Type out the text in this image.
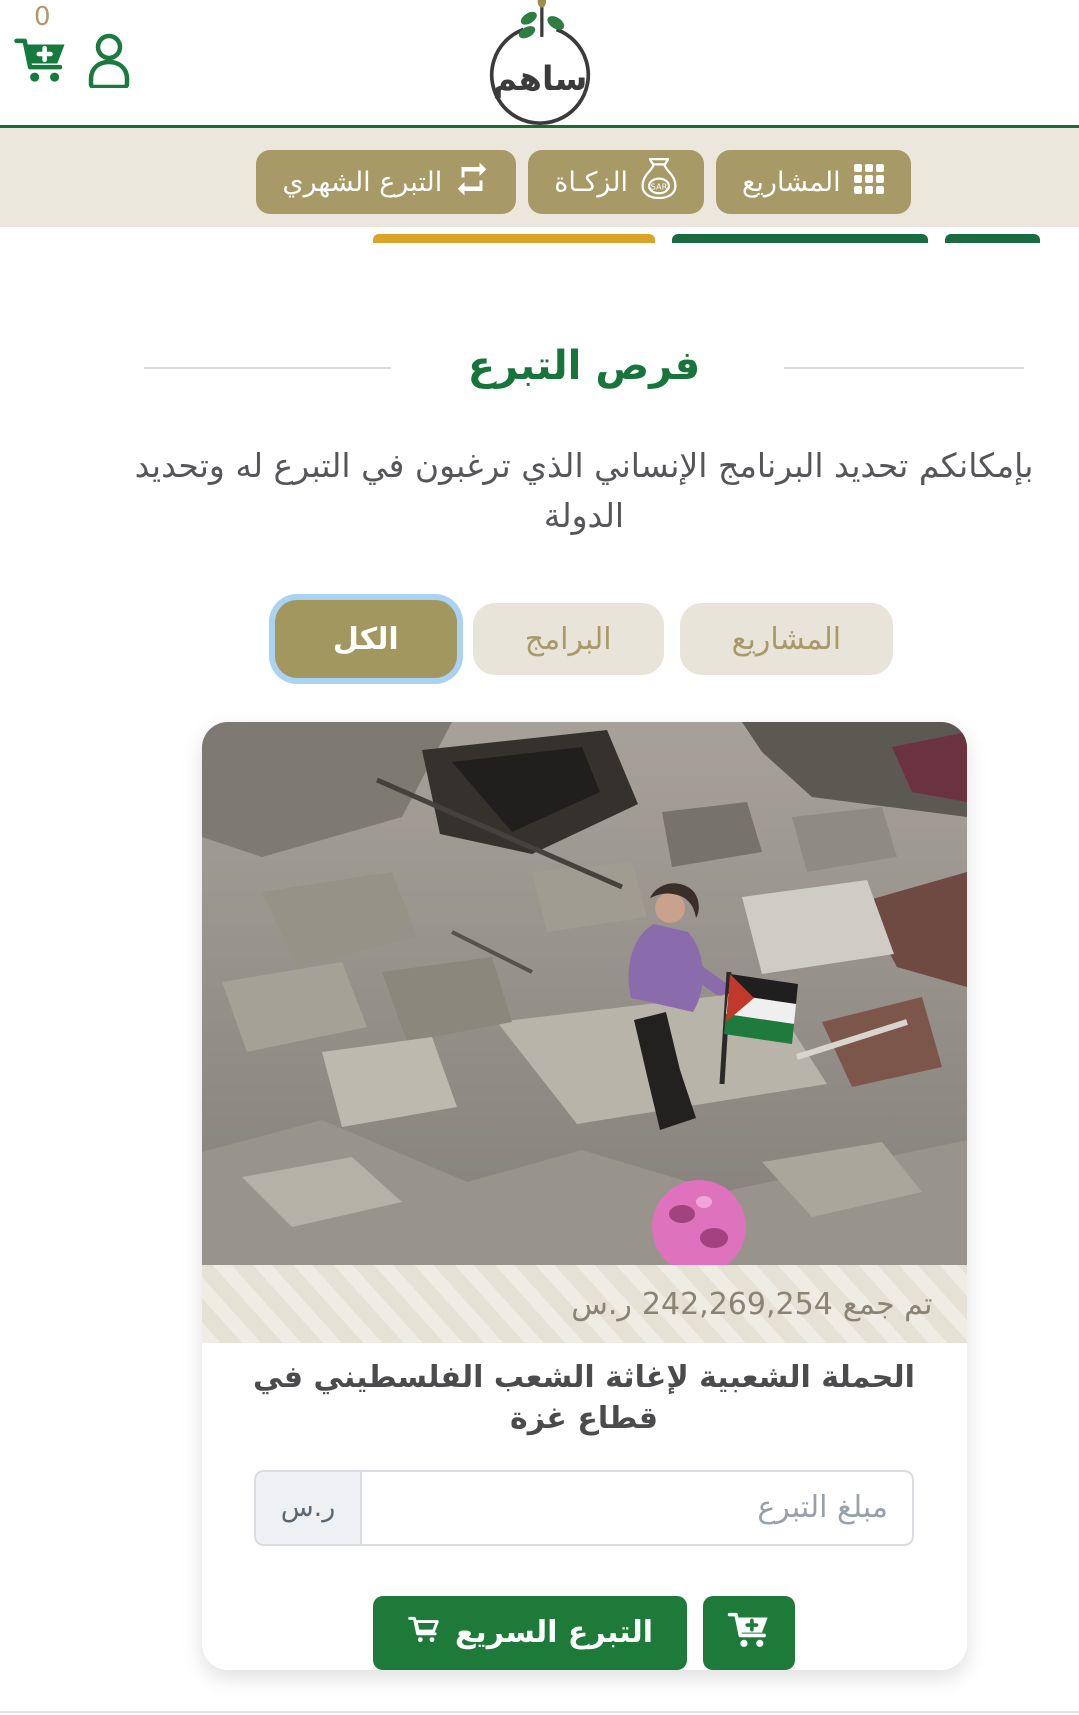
0
ساهم
المشاريع
SAR
الزكـاة
التبرع الشهري
فرص التبرع

بإمكانكم تحديد البرنامج الإنساني الذي ترغبون في التبرع له وتحديد الدولة

المشاريع
البرامج
الكل
تم جمع
242,269,254
ر.س
الحملة الشعبية لإغاثة الشعب الفلسطيني في قطاع غزة
مبلغ التبرع
ر.س
التبرع السريع
